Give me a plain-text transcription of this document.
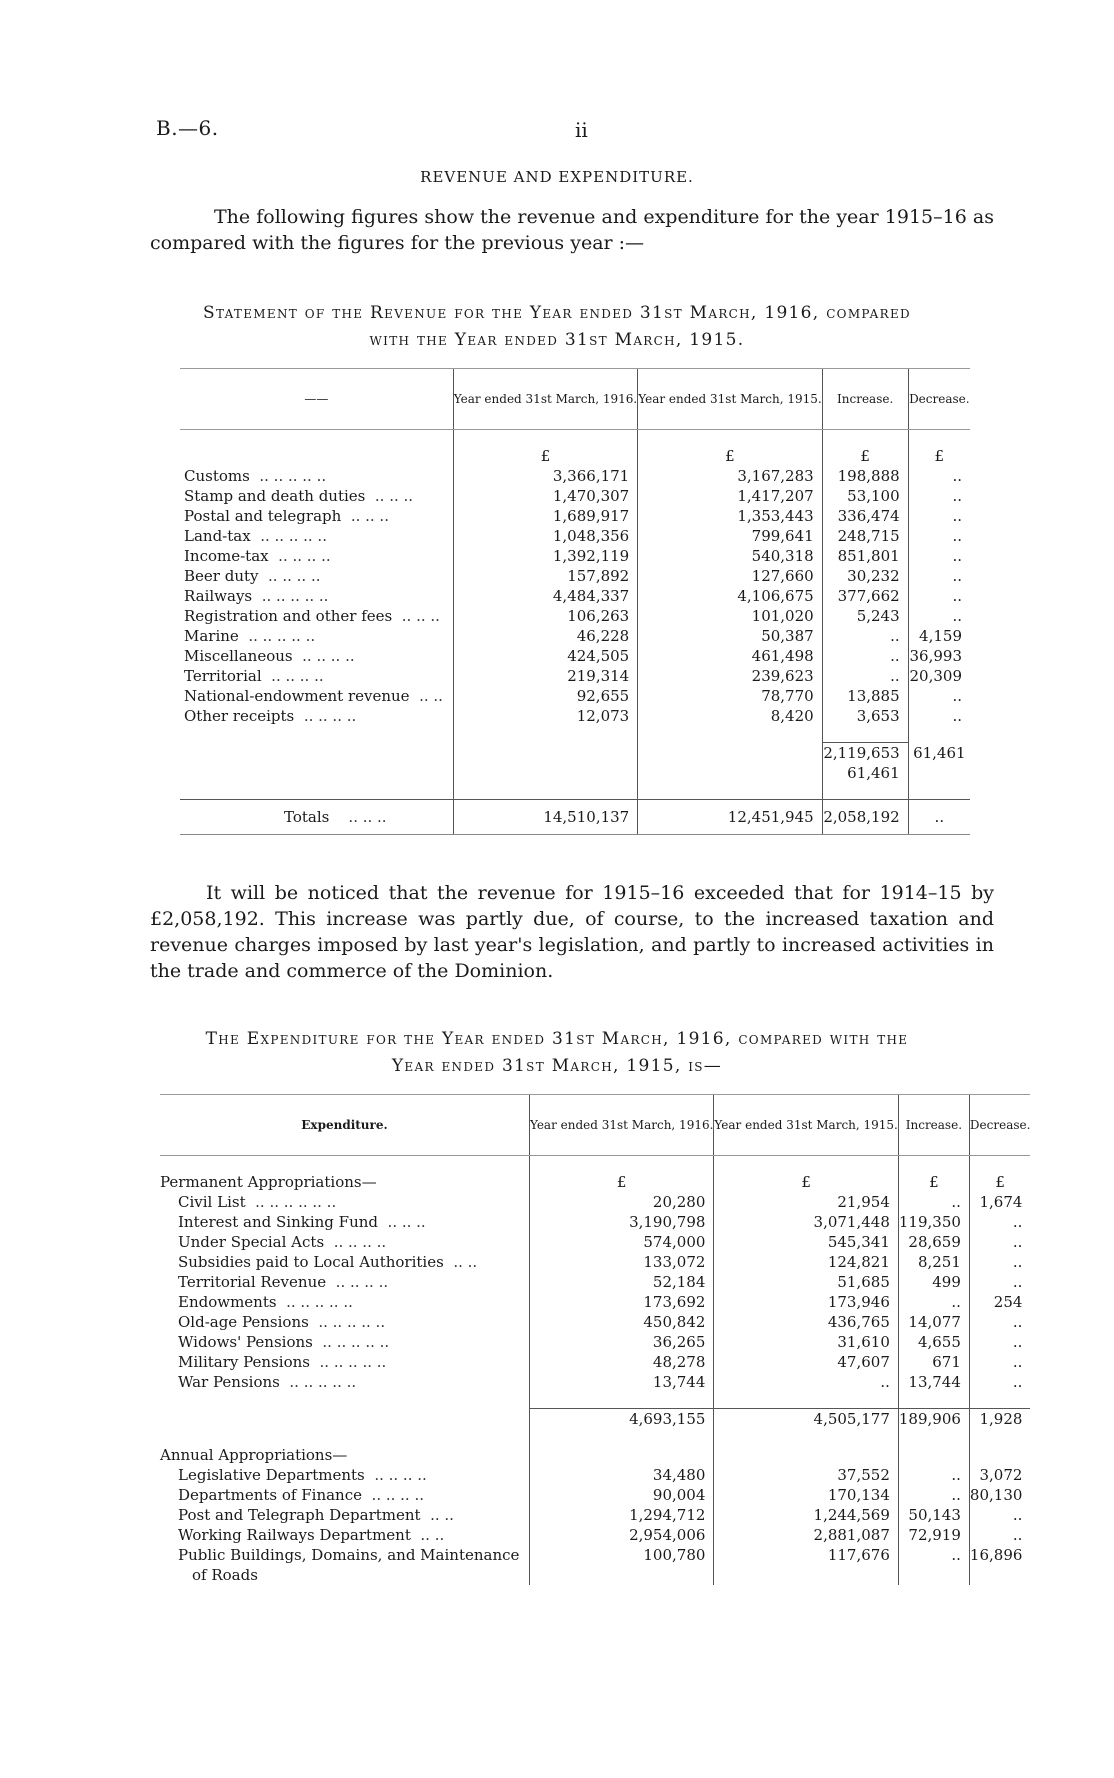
B.—6.	ii
REVENUE AND EXPENDITURE.

The following figures show the revenue and expenditure for the year 1915–16 as compared with the figures for the previous year :—

Statement of the Revenue for the Year ended 31st March, 1916, compared

with the Year ended 31st March, 1915.

——	Year ended 31st March, 1916.	Year ended 31st March, 1915.	Increase.	Decrease.

	£	£	£	£
Customs .. .. .. .. ..	3,366,171	3,167,283	198,888	..
Stamp and death duties .. .. ..	1,470,307	1,417,207	53,100	..
Postal and telegraph .. .. ..	1,689,917	1,353,443	336,474	..
Land-tax .. .. .. .. ..	1,048,356	799,641	248,715	..
Income-tax .. .. .. ..	1,392,119	540,318	851,801	..
Beer duty .. .. .. ..	157,892	127,660	30,232	..
Railways .. .. .. .. ..	4,484,337	4,106,675	377,662	..
Registration and other fees .. .. ..	106,263	101,020	5,243	..
Marine .. .. .. .. ..	46,228	50,387	..	4,159
Miscellaneous .. .. .. ..	424,505	461,498	..	36,993
Territorial .. .. .. ..	219,314	239,623	..	20,309
National-endowment revenue .. ..	92,655	78,770	13,885	..
Other receipts .. .. .. ..	12,073	8,420	3,653	..

			2,119,653	61,461
			61,461	

Totals .. .. ..	14,510,137	12,451,945	2,058,192	..

It will be noticed that the revenue for 1915–16 exceeded that for 1914–15 by £2,058,192. This increase was partly due, of course, to the increased taxation and revenue charges imposed by last year's legislation, and partly to increased activities in the trade and commerce of the Dominion.

The Expenditure for the Year ended 31st March, 1916, compared with the

Year ended 31st March, 1915, is—

Expenditure.	Year ended 31st March, 1916.	Year ended 31st March, 1915.	Increase.	Decrease.

Permanent Appropriations—	£	£	£	£
Civil List .. .. .. .. .. ..	20,280	21,954	..	1,674
Interest and Sinking Fund .. .. ..	3,190,798	3,071,448	119,350	..
Under Special Acts .. .. .. ..	574,000	545,341	28,659	..
Subsidies paid to Local Authorities .. ..	133,072	124,821	8,251	..
Territorial Revenue .. .. .. ..	52,184	51,685	499	..
Endowments .. .. .. .. ..	173,692	173,946	..	254
Old-age Pensions .. .. .. .. ..	450,842	436,765	14,077	..
Widows' Pensions .. .. .. .. ..	36,265	31,610	4,655	..
Military Pensions .. .. .. .. ..	48,278	47,607	671	..
War Pensions .. .. .. .. ..	13,744	..	13,744	..

	4,693,155	4,505,177	189,906	1,928

Annual Appropriations—				
Legislative Departments .. .. .. ..	34,480	37,552	..	3,072
Departments of Finance .. .. .. ..	90,004	170,134	..	80,130
Post and Telegraph Department .. ..	1,294,712	1,244,569	50,143	..
Working Railways Department .. ..	2,954,006	2,881,087	72,919	..
Public Buildings, Domains, and Maintenance
of Roads	100,780	117,676	..	16,896
